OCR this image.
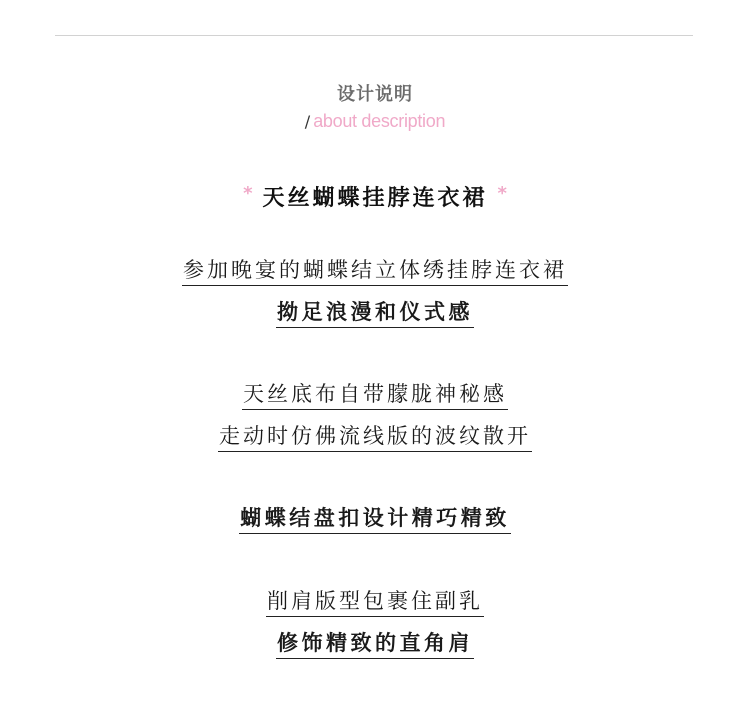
设计说明
/ about description
* 天丝蝴蝶挂脖连衣裙 *
参加晚宴的蝴蝶结立体绣挂脖连衣裙
拗足浪漫和仪式感
天丝底布自带朦胧神秘感
走动时仿佛流线版的波纹散开
蝴蝶结盘扣设计精巧精致
削肩版型包裹住副乳
修饰精致的直角肩
